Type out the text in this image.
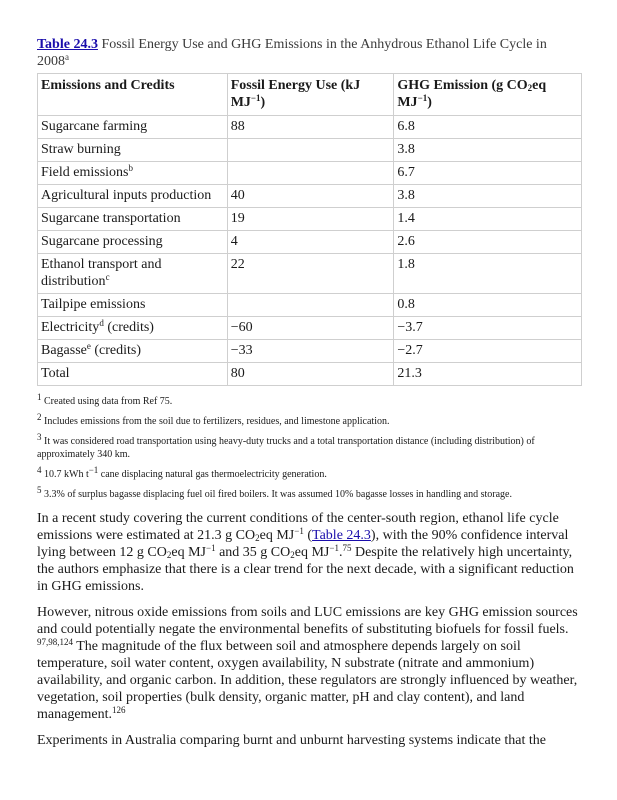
Table 24.3 Fossil Energy Use and GHG Emissions in the Anhydrous Ethanol Life Cycle in 2008$^a$

Emissions and Credits	Fossil Energy Use (kJ $MJ^{-1}$)	GHG Emission (g $CO_2eq$ $MJ^{-1}$)
Sugarcane farming	88	6.8
Straw burning		3.8
Field emissions$^b$		6.7
Agricultural inputs production	40	3.8
Sugarcane transportation	19	1.4
Sugarcane processing	4	2.6
Ethanol transport and distribution$^c$	22	1.8
Tailpipe emissions		0.8
Electricity$^d$ (credits)	−60	−3.7
Bagasse$^e$ (credits)	−33	−2.7
Total	80	21.3

$^1$ Created using data from Ref 75.

$^2$ Includes emissions from the soil due to fertilizers, residues, and limestone application.

$^3$ It was considered road transportation using heavy-duty trucks and a total transportation distance (including distribution) of approximately 340 km.

$^4$ 10.7 kWh $t^{-1}$ cane displacing natural gas thermoelectricity generation.

$^5$ 3.3% of surplus bagasse displacing fuel oil fired boilers. It was assumed 10% bagasse losses in handling and storage.

In a recent study covering the current conditions of the center-south region, ethanol life cycle emissions were estimated at 21.3 g $CO_2eq$ $MJ^{-1}$ (Table 24.3), with the 90% confidence interval lying between 12 g $CO_2eq$ $MJ^{-1}$ and 35 g $CO_2eq$ $MJ^{-1}.^{75}$ Despite the relatively high uncertainty, the authors emphasize that there is a clear trend for the next decade, with a significant reduction in GHG emissions.

However, nitrous oxide emissions from soils and LUC emissions are key GHG emission sources and could potentially negate the environmental benefits of substituting biofuels for fossil fuels. $^{97,98,124}$ The magnitude of the flux between soil and atmosphere depends largely on soil temperature, soil water content, oxygen availability, N substrate (nitrate and ammonium) availability, and organic carbon. In addition, these regulators are strongly influenced by weather, vegetation, soil properties (bulk density, organic matter, pH and clay content), and land management.$^{126}$

Experiments in Australia comparing burnt and unburnt harvesting systems indicate that the
